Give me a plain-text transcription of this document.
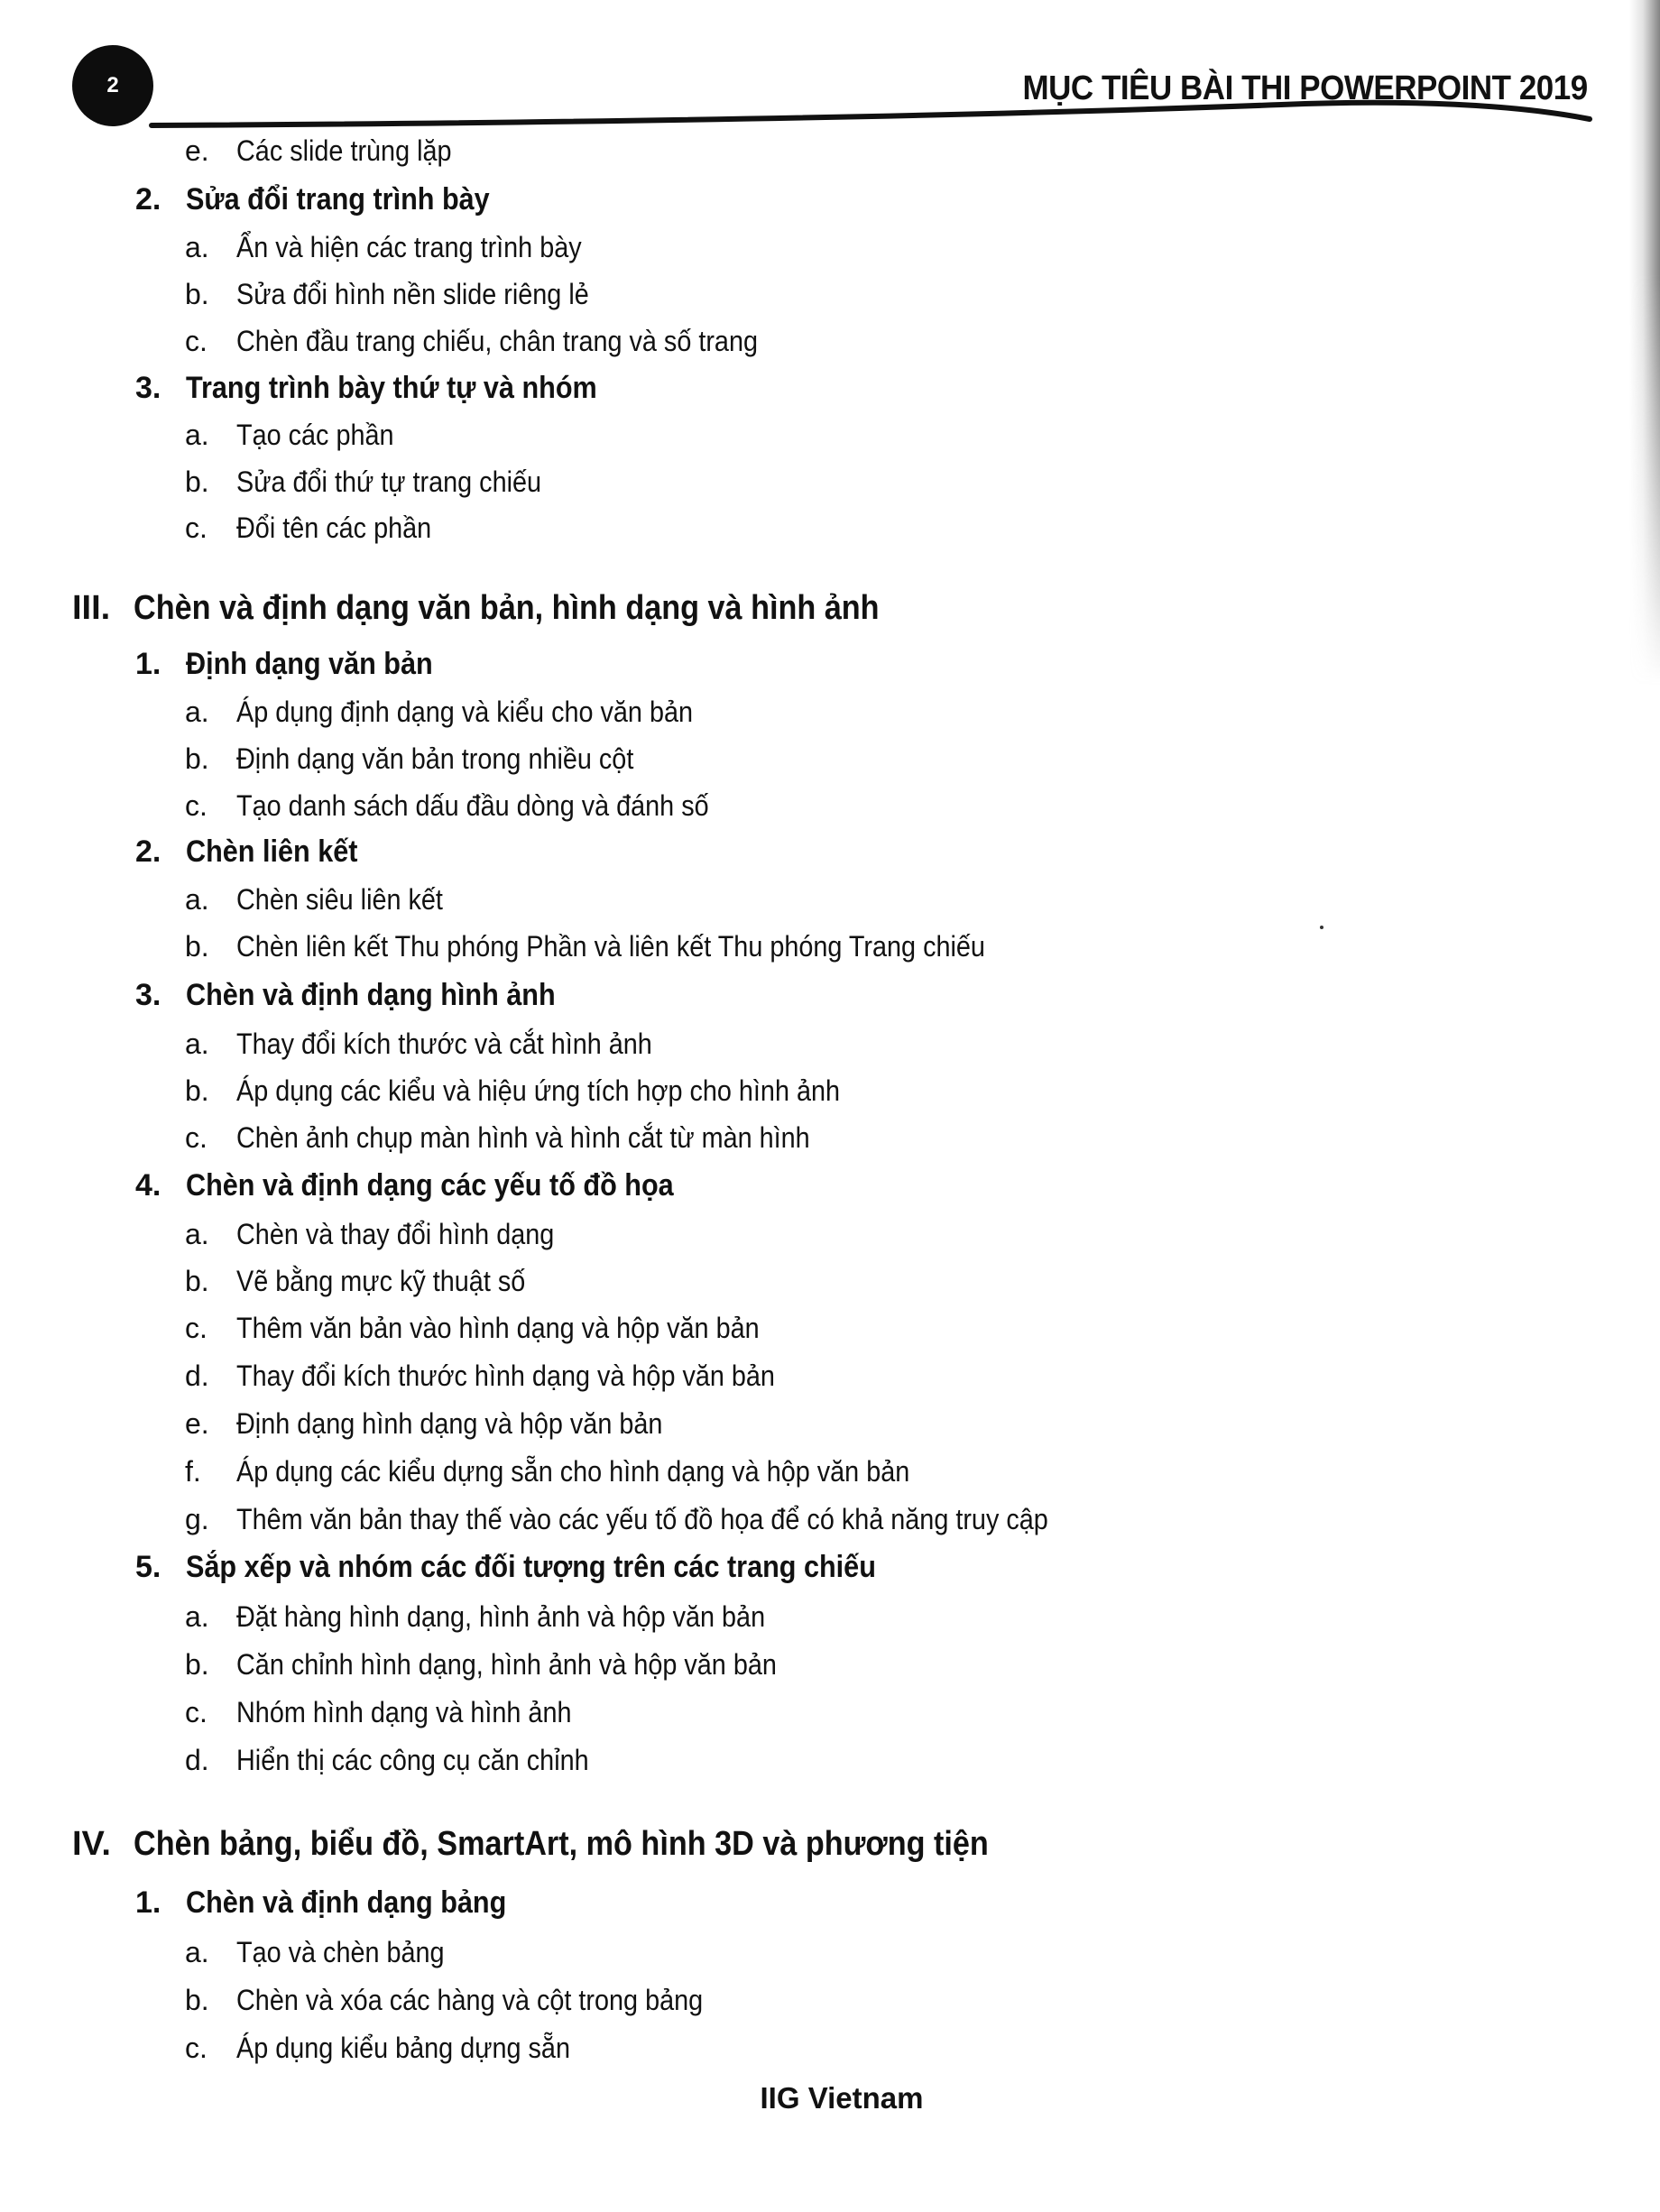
2	MỤC TIÊU BÀI THI POWERPOINT 2019
e. Các slide trùng lặp
2. Sửa đổi trang trình bày
a. Ẩn và hiện các trang trình bày
b. Sửa đổi hình nền slide riêng lẻ
c. Chèn đầu trang chiếu, chân trang và số trang
3. Trang trình bày thứ tự và nhóm
a. Tạo các phần
b. Sửa đổi thứ tự trang chiếu
c. Đổi tên các phần
III. Chèn và định dạng văn bản, hình dạng và hình ảnh
1. Định dạng văn bản
a. Áp dụng định dạng và kiểu cho văn bản
b. Định dạng văn bản trong nhiều cột
c. Tạo danh sách dấu đầu dòng và đánh số
2. Chèn liên kết
a. Chèn siêu liên kết
b. Chèn liên kết Thu phóng Phần và liên kết Thu phóng Trang chiếu
3. Chèn và định dạng hình ảnh
a. Thay đổi kích thước và cắt hình ảnh
b. Áp dụng các kiểu và hiệu ứng tích hợp cho hình ảnh
c. Chèn ảnh chụp màn hình và hình cắt từ màn hình
4. Chèn và định dạng các yếu tố đồ họa
a. Chèn và thay đổi hình dạng
b. Vẽ bằng mực kỹ thuật số
c. Thêm văn bản vào hình dạng và hộp văn bản
d. Thay đổi kích thước hình dạng và hộp văn bản
e. Định dạng hình dạng và hộp văn bản
f. Áp dụng các kiểu dựng sẵn cho hình dạng và hộp văn bản
g. Thêm văn bản thay thế vào các yếu tố đồ họa để có khả năng truy cập
5. Sắp xếp và nhóm các đối tượng trên các trang chiếu
a. Đặt hàng hình dạng, hình ảnh và hộp văn bản
b. Căn chỉnh hình dạng, hình ảnh và hộp văn bản
c. Nhóm hình dạng và hình ảnh
d. Hiển thị các công cụ căn chỉnh
IV. Chèn bảng, biểu đồ, SmartArt, mô hình 3D và phương tiện
1. Chèn và định dạng bảng
a. Tạo và chèn bảng
b. Chèn và xóa các hàng và cột trong bảng
c. Áp dụng kiểu bảng dựng sẵn
IIG Vietnam
